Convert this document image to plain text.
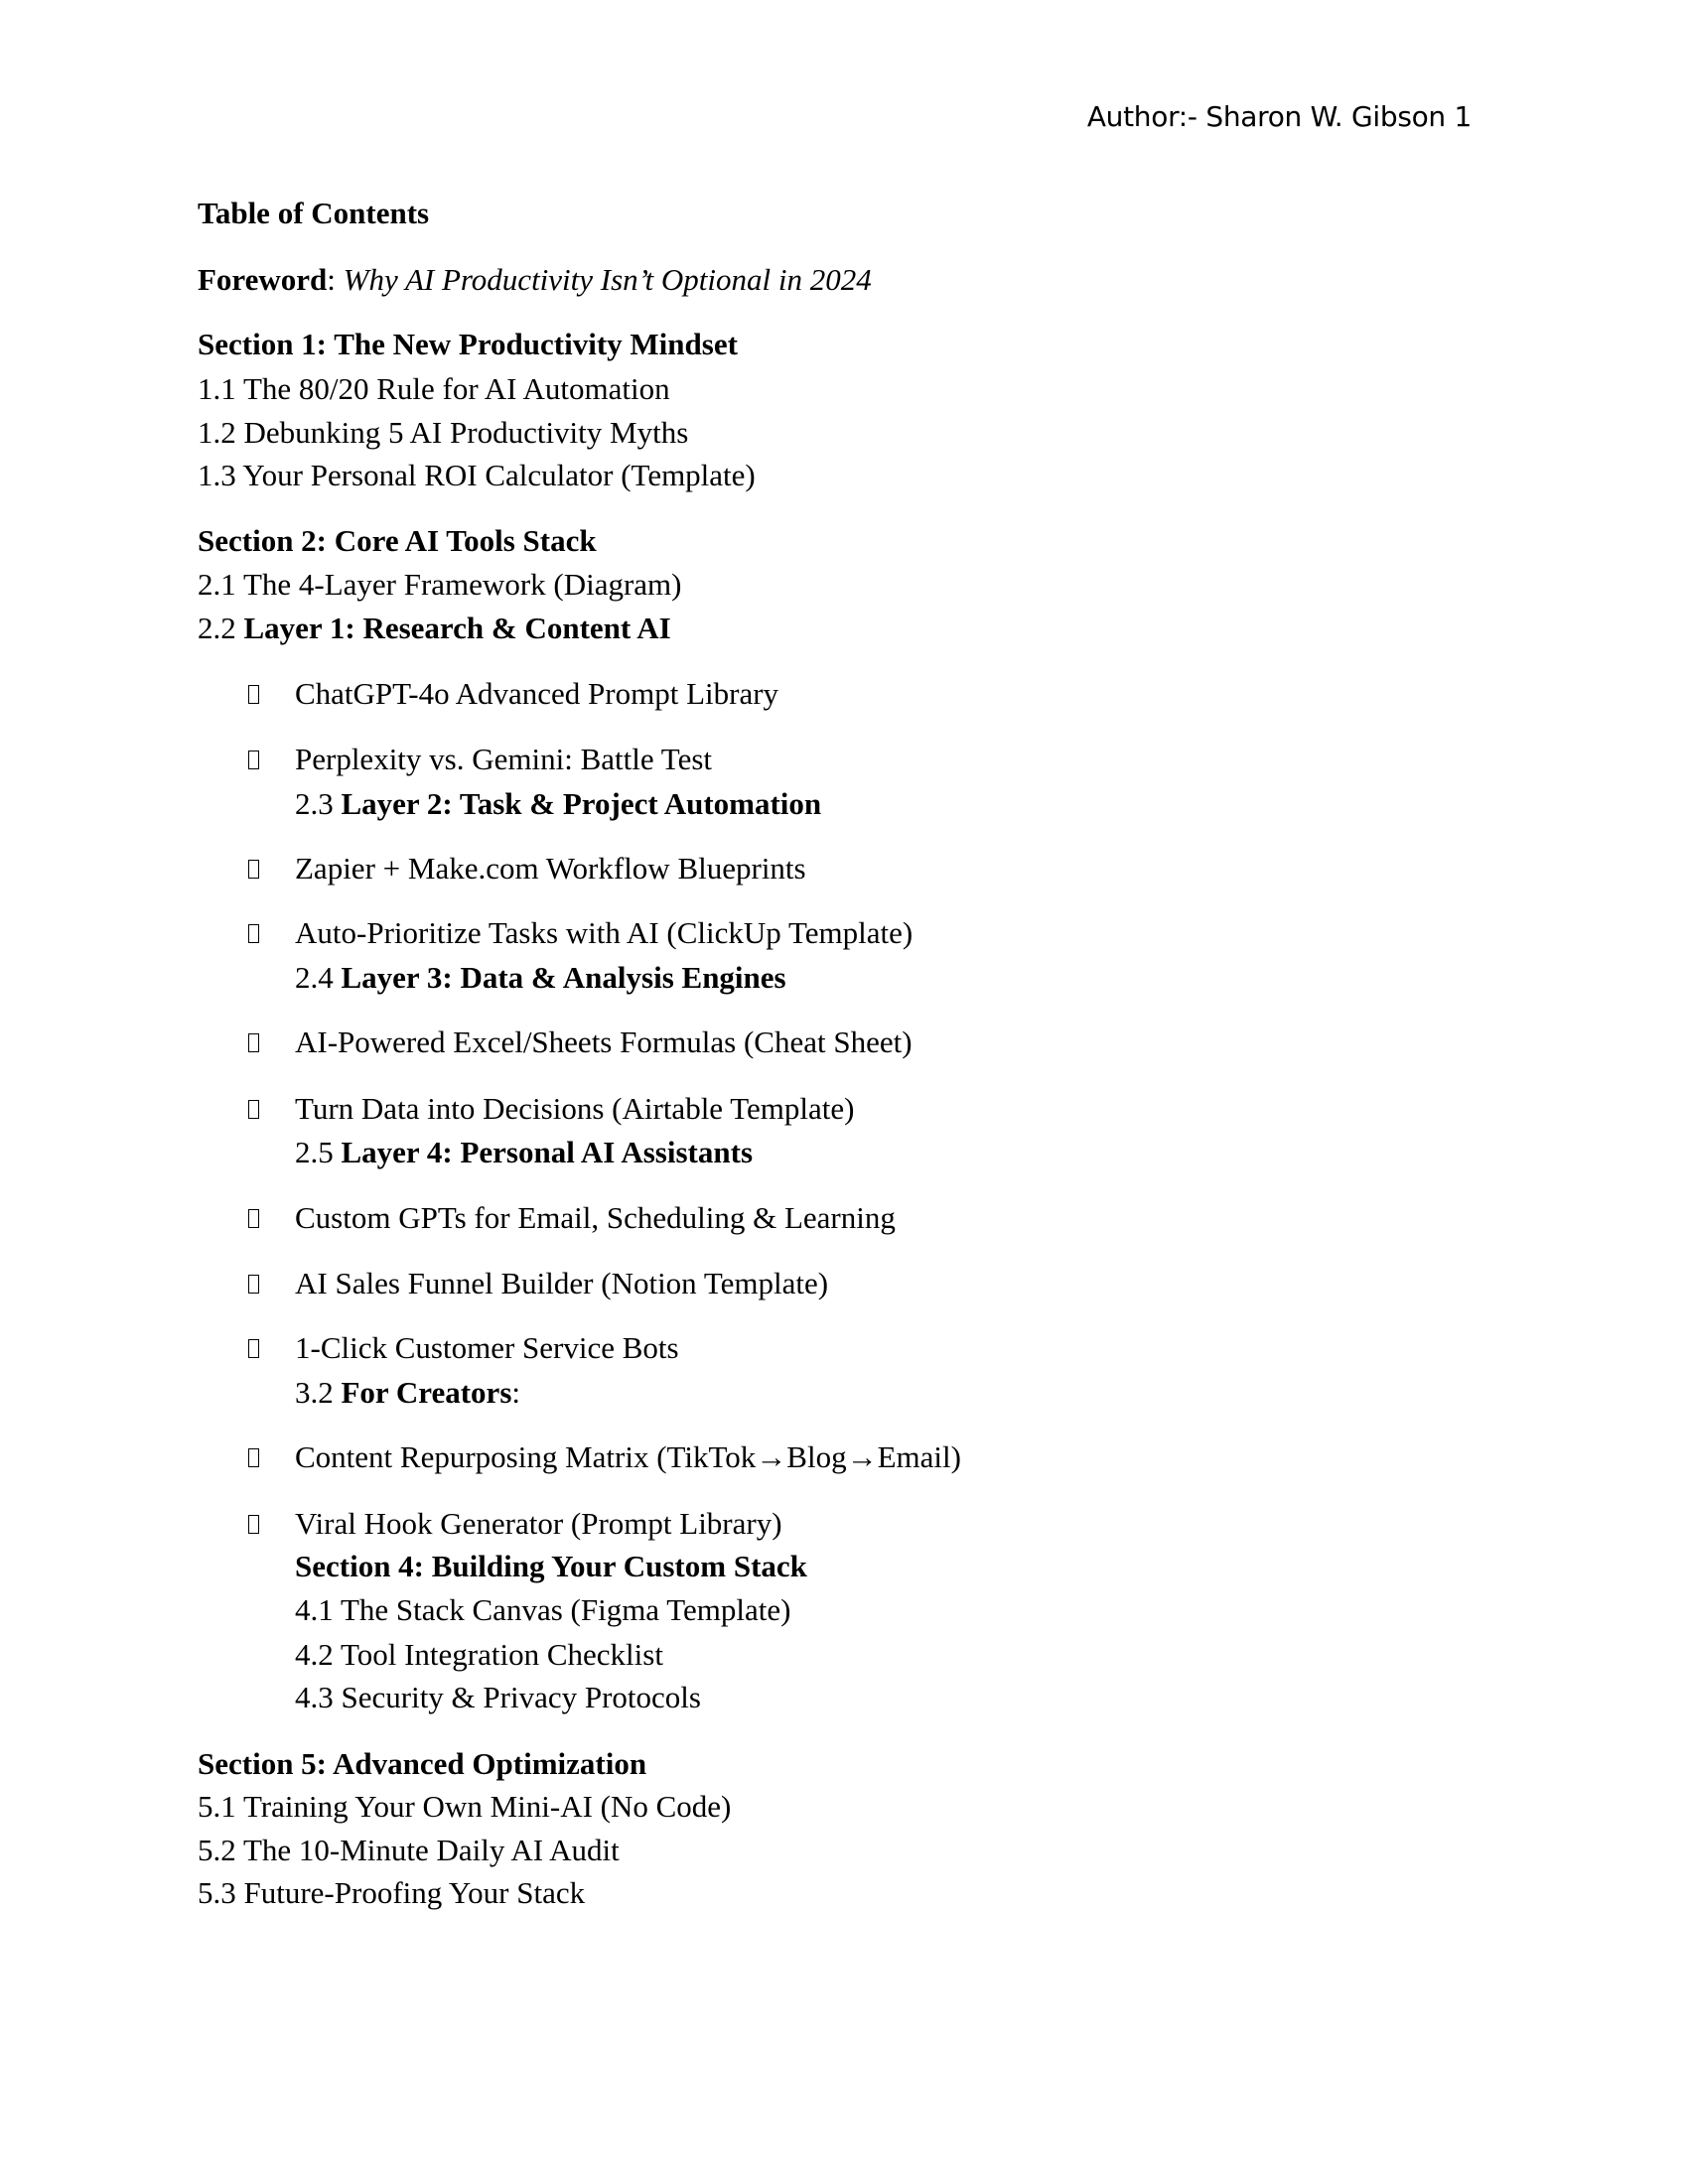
Author:- Sharon W. Gibson 1
Table of Contents
Foreword: Why AI Productivity Isn’t Optional in 2024
Section 1: The New Productivity Mindset
1.1 The 80/20 Rule for AI Automation
1.2 Debunking 5 AI Productivity Myths
1.3 Your Personal ROI Calculator (Template)
Section 2: Core AI Tools Stack
2.1 The 4-Layer Framework (Diagram)
2.2 Layer 1: Research & Content AI
ChatGPT-4o Advanced Prompt Library
Perplexity vs. Gemini: Battle Test
2.3 Layer 2: Task & Project Automation
Zapier + Make.com Workflow Blueprints
Auto-Prioritize Tasks with AI (ClickUp Template)
2.4 Layer 3: Data & Analysis Engines
AI-Powered Excel/Sheets Formulas (Cheat Sheet)
Turn Data into Decisions (Airtable Template)
2.5 Layer 4: Personal AI Assistants
Custom GPTs for Email, Scheduling & Learning
AI Sales Funnel Builder (Notion Template)
1-Click Customer Service Bots
3.2 For Creators:
Content Repurposing Matrix (TikTok→Blog→Email)
Viral Hook Generator (Prompt Library)
Section 4: Building Your Custom Stack
4.1 The Stack Canvas (Figma Template)
4.2 Tool Integration Checklist
4.3 Security & Privacy Protocols
Section 5: Advanced Optimization
5.1 Training Your Own Mini-AI (No Code)
5.2 The 10-Minute Daily AI Audit
5.3 Future-Proofing Your Stack
